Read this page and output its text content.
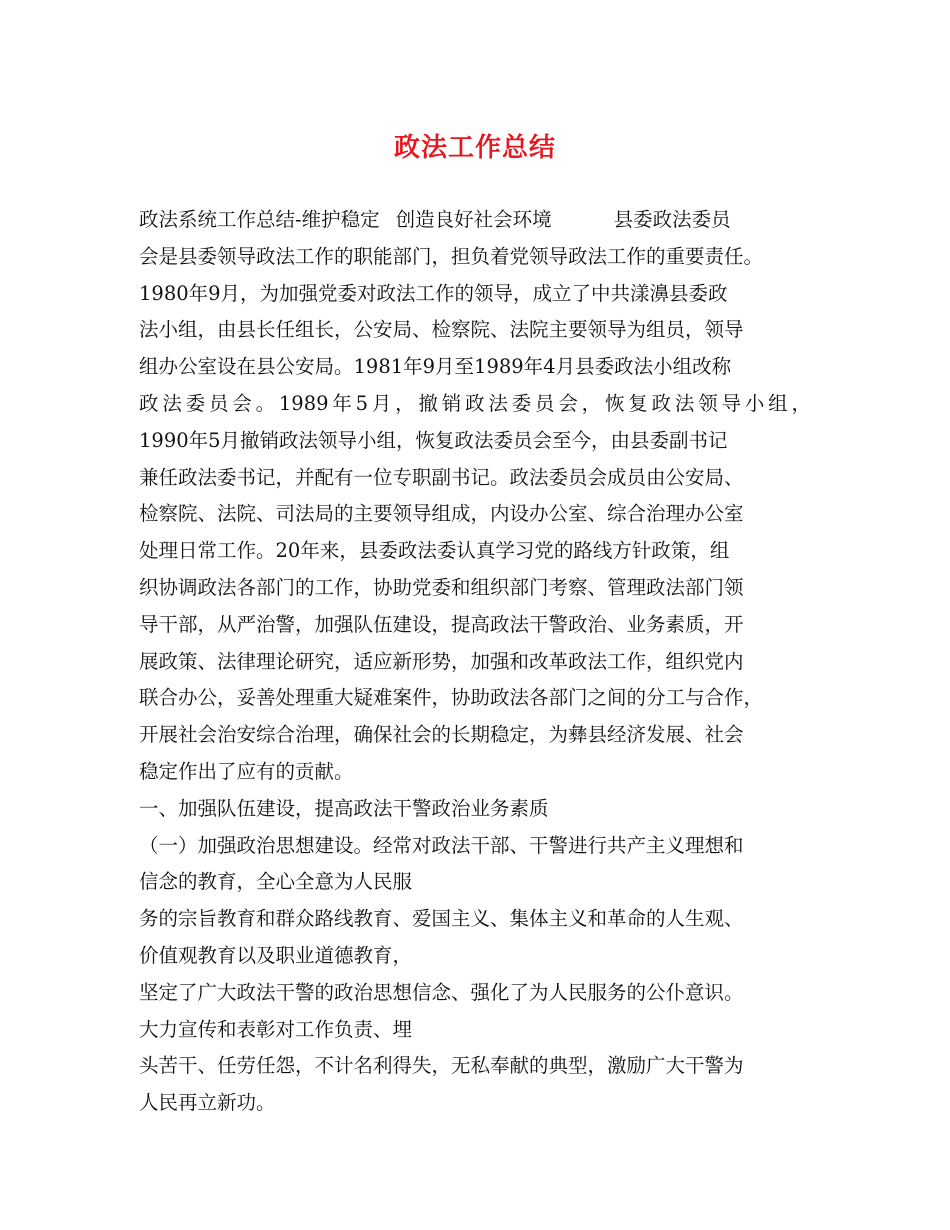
政法工作总结
政法系统工作总结-维护稳定 创造良好社会环境	县委政法委员
会是县委领导政法工作的职能部门，担负着党领导政法工作的重要责任。
1980年9月，为加强党委对政法工作的领导，成立了中共漾濞县委政
法小组，由县长任组长，公安局、检察院、法院主要领导为组员，领导
组办公室设在县公安局。1981年9月至1989年4月县委政法小组改称
政法委员会。1989年5月，撤销政法委员会，恢复政法领导小组，
1990年5月撤销政法领导小组，恢复政法委员会至今，由县委副书记
兼任政法委书记，并配有一位专职副书记。政法委员会成员由公安局、
检察院、法院、司法局的主要领导组成，内设办公室、综合治理办公室
处理日常工作。20年来，县委政法委认真学习党的路线方针政策，组
织协调政法各部门的工作，协助党委和组织部门考察、管理政法部门领
导干部，从严治警，加强队伍建设，提高政法干警政治、业务素质，开
展政策、法律理论研究，适应新形势，加强和改革政法工作，组织党内
联合办公，妥善处理重大疑难案件，协助政法各部门之间的分工与合作，
开展社会治安综合治理，确保社会的长期稳定，为彝县经济发展、社会
稳定作出了应有的贡献。
一、加强队伍建设，提高政法干警政治业务素质
（一）加强政治思想建设。经常对政法干部、干警进行共产主义理想和
信念的教育，全心全意为人民服
务的宗旨教育和群众路线教育、爱国主义、集体主义和革命的人生观、
价值观教育以及职业道德教育，
坚定了广大政法干警的政治思想信念、强化了为人民服务的公仆意识。
大力宣传和表彰对工作负责、埋
头苦干、任劳任怨，不计名利得失，无私奉献的典型，激励广大干警为
人民再立新功。
